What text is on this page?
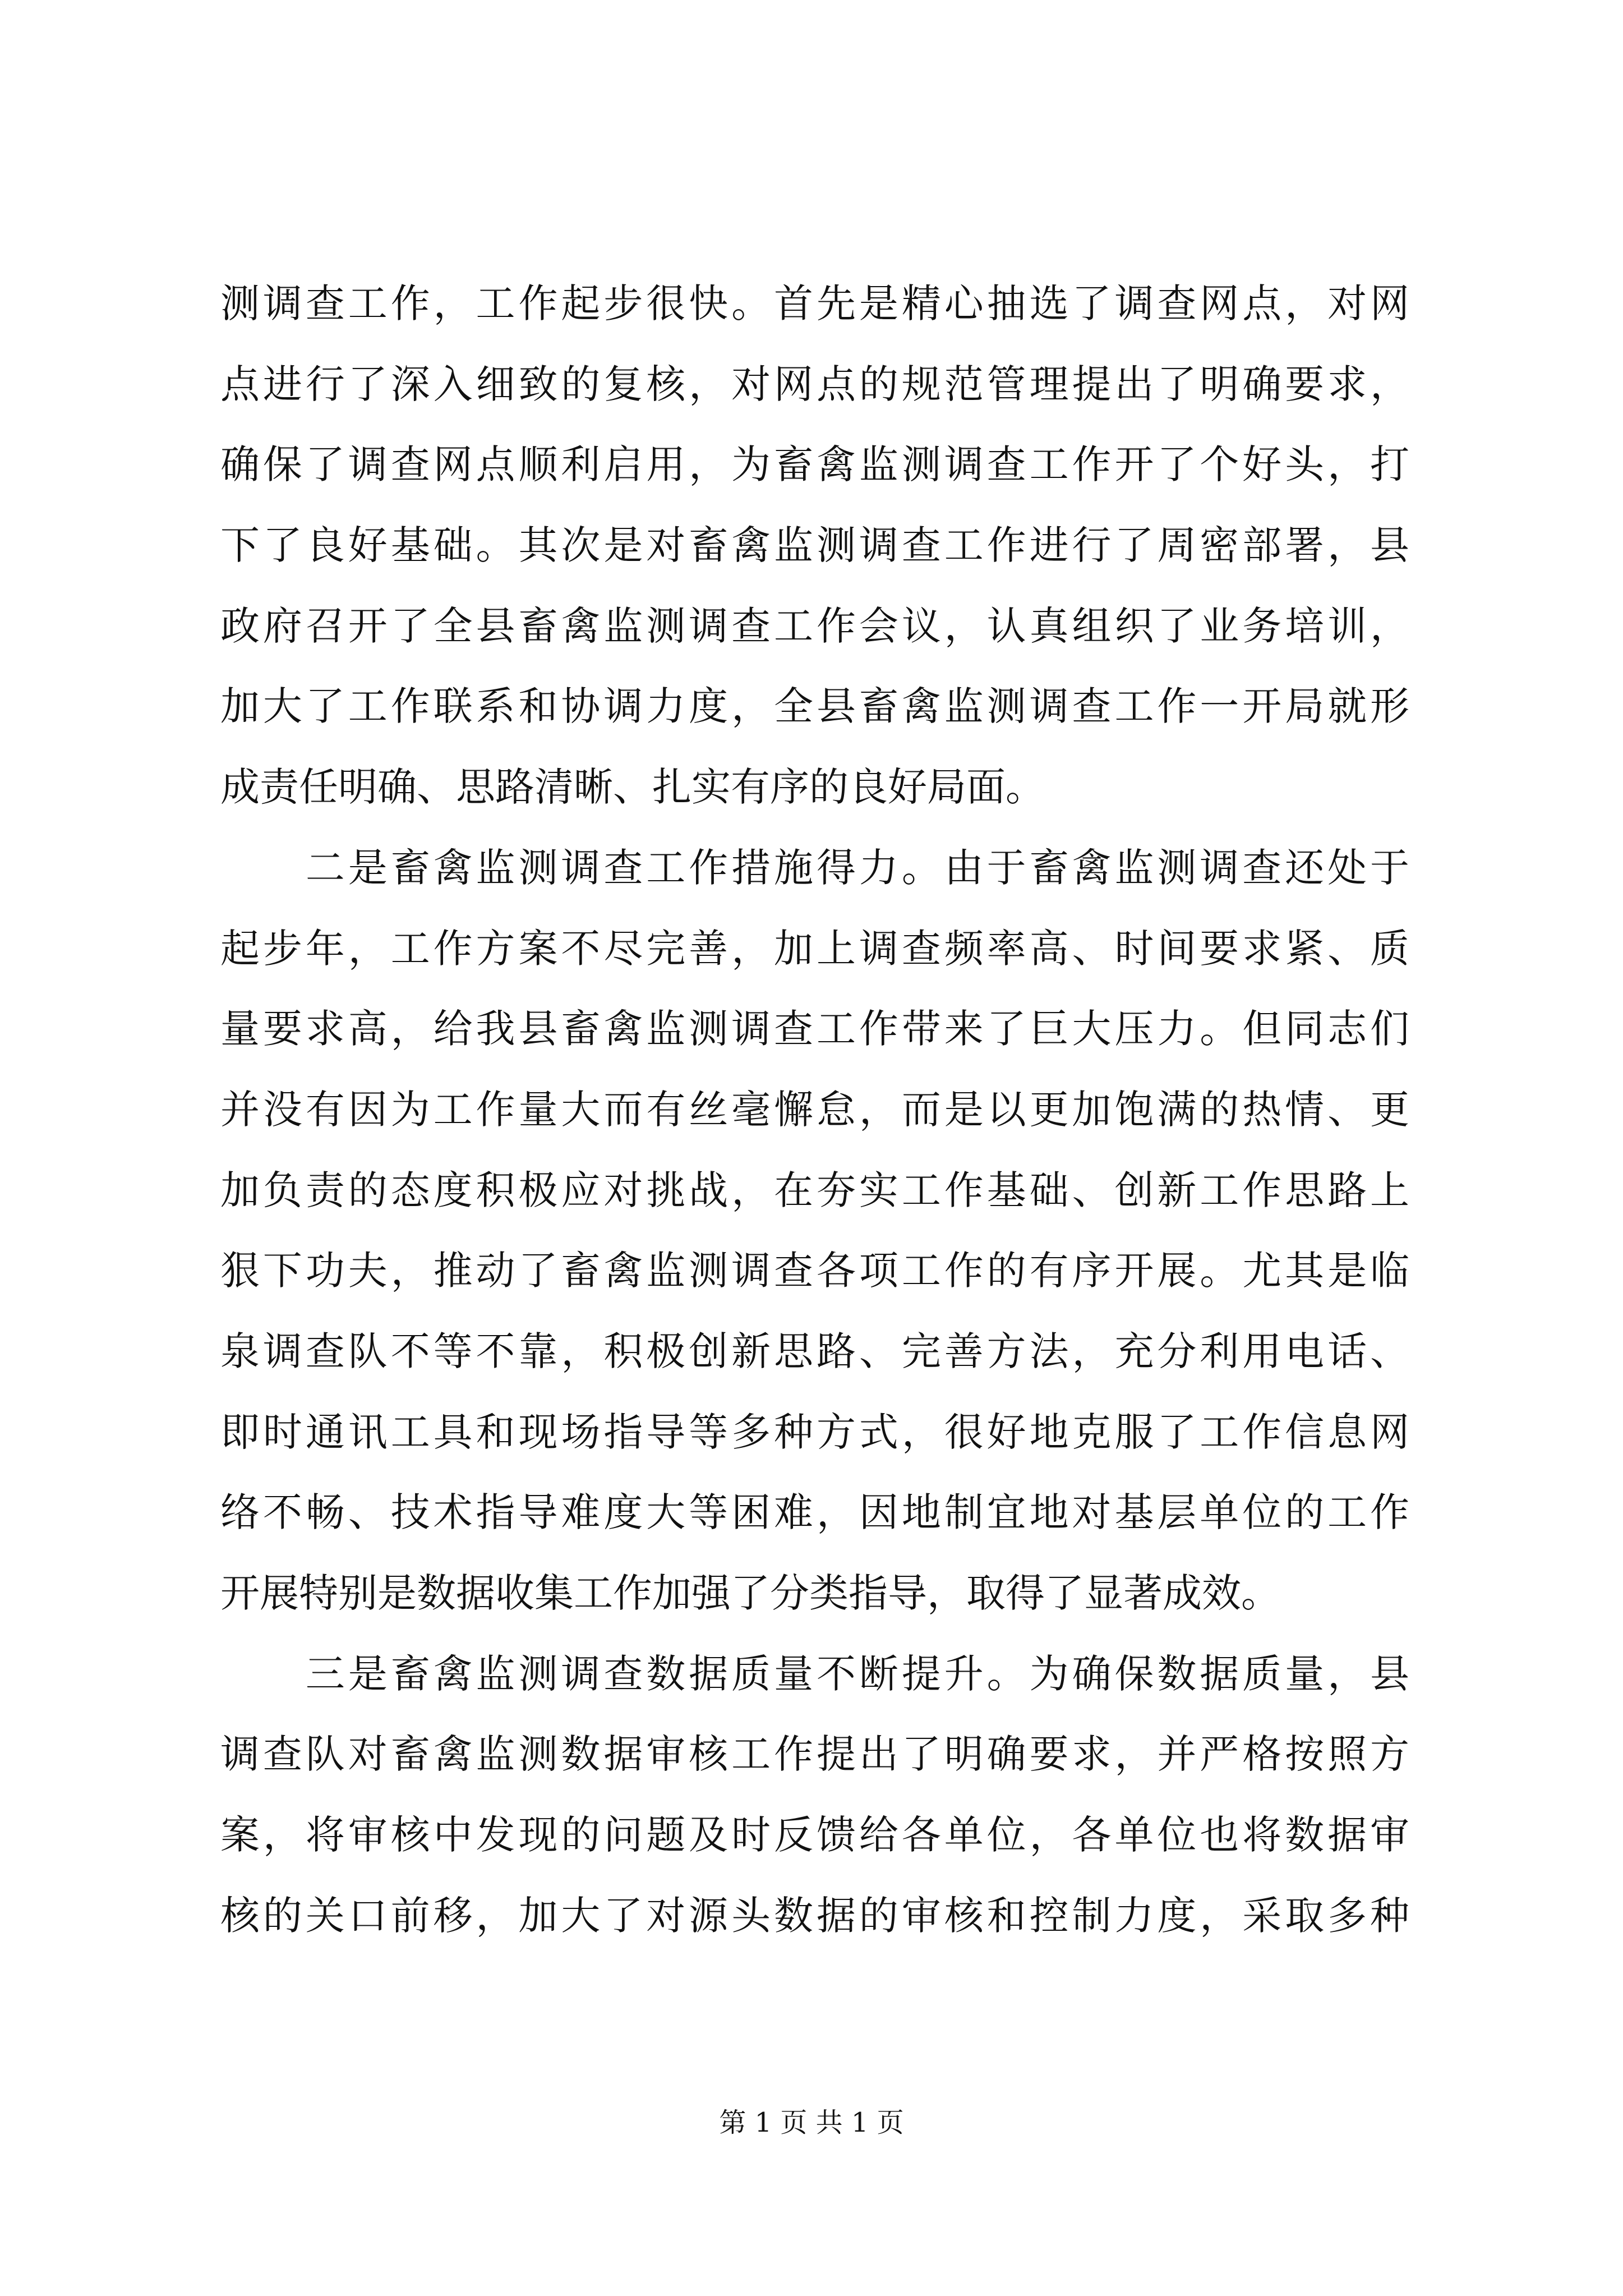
测调查工作，工作起步很快。首先是精心抽选了调查网点，对网
点进行了深入细致的复核，对网点的规范管理提出了明确要求，
确保了调查网点顺利启用，为畜禽监测调查工作开了个好头，打
下了良好基础。其次是对畜禽监测调查工作进行了周密部署，县
政府召开了全县畜禽监测调查工作会议，认真组织了业务培训，
加大了工作联系和协调力度，全县畜禽监测调查工作一开局就形
成责任明确、思路清晰、扎实有序的良好局面。
　　二是畜禽监测调查工作措施得力。由于畜禽监测调查还处于
起步年，工作方案不尽完善，加上调查频率高、时间要求紧、质
量要求高，给我县畜禽监测调查工作带来了巨大压力。但同志们
并没有因为工作量大而有丝毫懈怠，而是以更加饱满的热情、更
加负责的态度积极应对挑战，在夯实工作基础、创新工作思路上
狠下功夫，推动了畜禽监测调查各项工作的有序开展。尤其是临
泉调查队不等不靠，积极创新思路、完善方法，充分利用电话、
即时通讯工具和现场指导等多种方式，很好地克服了工作信息网
络不畅、技术指导难度大等困难，因地制宜地对基层单位的工作
开展特别是数据收集工作加强了分类指导，取得了显著成效。
　　三是畜禽监测调查数据质量不断提升。为确保数据质量，县
调查队对畜禽监测数据审核工作提出了明确要求，并严格按照方
案，将审核中发现的问题及时反馈给各单位，各单位也将数据审
核的关口前移，加大了对源头数据的审核和控制力度，采取多种
第 1 页 共 1 页
